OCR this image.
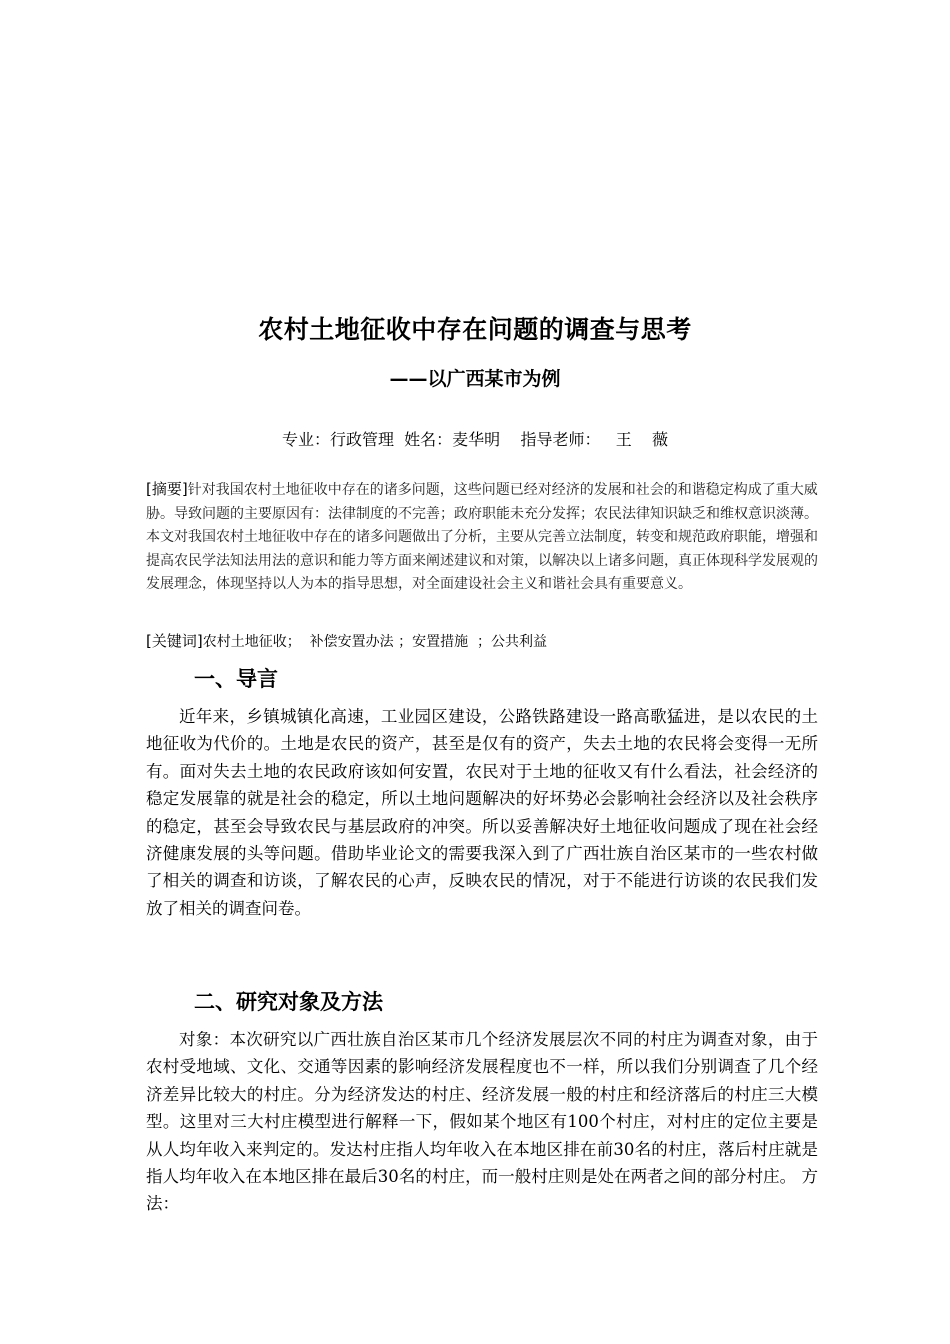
农村土地征收中存在问题的调查与思考
——以广西某市为例
专业：行政管理  姓名：麦华明    指导老师：   王    薇
[摘要]针对我国农村土地征收中存在的诸多问题，这些问题已经对经济的发展和社会的和谐稳定构成了重大威胁。导致问题的主要原因有：法律制度的不完善；政府职能未充分发挥；农民法律知识缺乏和维权意识淡薄。本文对我国农村土地征收中存在的诸多问题做出了分析，主要从完善立法制度，转变和规范政府职能，增强和提高农民学法知法用法的意识和能力等方面来阐述建议和对策，以解决以上诸多问题，真正体现科学发展观的发展理念，体现坚持以人为本的指导思想，对全面建设社会主义和谐社会具有重要意义。
[关键词]农村土地征收；  补偿安置办法 ；安置措施  ；公共利益
一、导言
近年来，乡镇城镇化高速，工业园区建设，公路铁路建设一路高歌猛进，是以农民的土地征收为代价的。土地是农民的资产，甚至是仅有的资产，失去土地的农民将会变得一无所有。面对失去土地的农民政府该如何安置，农民对于土地的征收又有什么看法，社会经济的稳定发展靠的就是社会的稳定，所以土地问题解决的好坏势必会影响社会经济以及社会秩序的稳定，甚至会导致农民与基层政府的冲突。所以妥善解决好土地征收问题成了现在社会经济健康发展的头等问题。借助毕业论文的需要我深入到了广西壮族自治区某市的一些农村做了相关的调查和访谈，了解农民的心声，反映农民的情况，对于不能进行访谈的农民我们发放了相关的调查问卷。
二、研究对象及方法
对象：本次研究以广西壮族自治区某市几个经济发展层次不同的村庄为调查对象，由于农村受地域、文化、交通等因素的影响经济发展程度也不一样，所以我们分别调查了几个经济差异比较大的村庄。分为经济发达的村庄、经济发展一般的村庄和经济落后的村庄三大模型。这里对三大村庄模型进行解释一下，假如某个地区有100个村庄，对村庄的定位主要是从人均年收入来判定的。发达村庄指人均年收入在本地区排在前30名的村庄，落后村庄就是指人均年收入在本地区排在最后30名的村庄，而一般村庄则是处在两者之间的部分村庄。 方法：
